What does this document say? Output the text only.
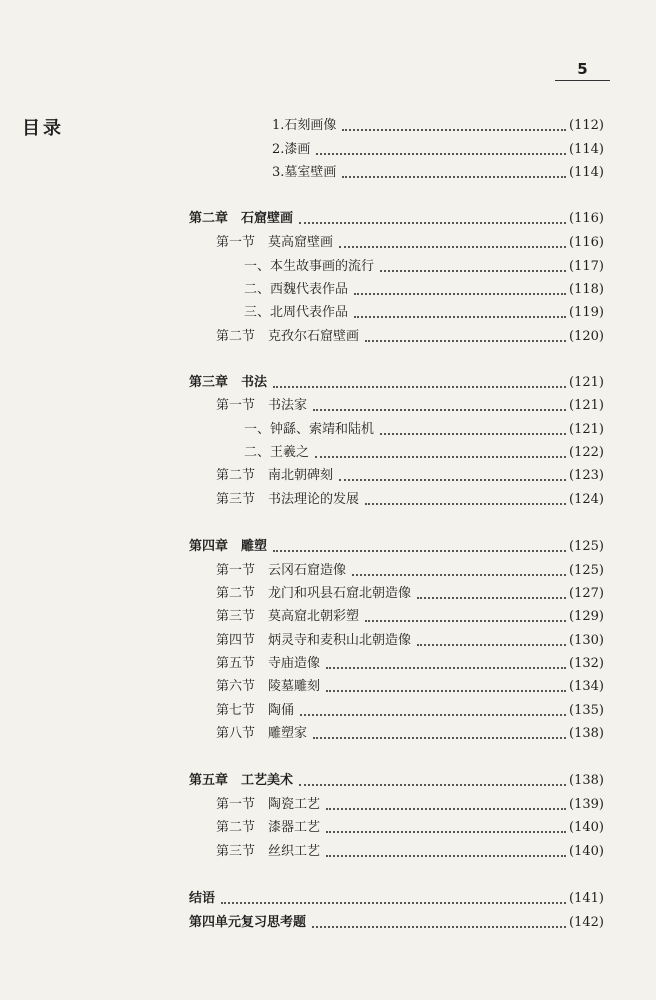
5
目录	1.石刻画像	(112)
2.漆画	(114)
3.墓室壁画	(114)
第二章 石窟壁画	(116)
第一节 莫高窟壁画	(116)
一、本生故事画的流行	(117)
二、西魏代表作品	(118)
三、北周代表作品	(119)
第二节 克孜尔石窟壁画	(120)
第三章 书法	(121)
第一节 书法家	(121)
一、钟繇、索靖和陆机	(121)
二、王羲之	(122)
第二节 南北朝碑刻	(123)
第三节 书法理论的发展	(124)
第四章 雕塑	(125)
第一节 云冈石窟造像	(125)
第二节 龙门和巩县石窟北朝造像	(127)
第三节 莫高窟北朝彩塑	(129)
第四节 炳灵寺和麦积山北朝造像	(130)
第五节 寺庙造像	(132)
第六节 陵墓雕刻	(134)
第七节 陶俑	(135)
第八节 雕塑家	(138)
第五章 工艺美术	(138)
第一节 陶瓷工艺	(139)
第二节 漆器工艺	(140)
第三节 丝织工艺	(140)
结语	(141)
第四单元复习思考题	(142)
